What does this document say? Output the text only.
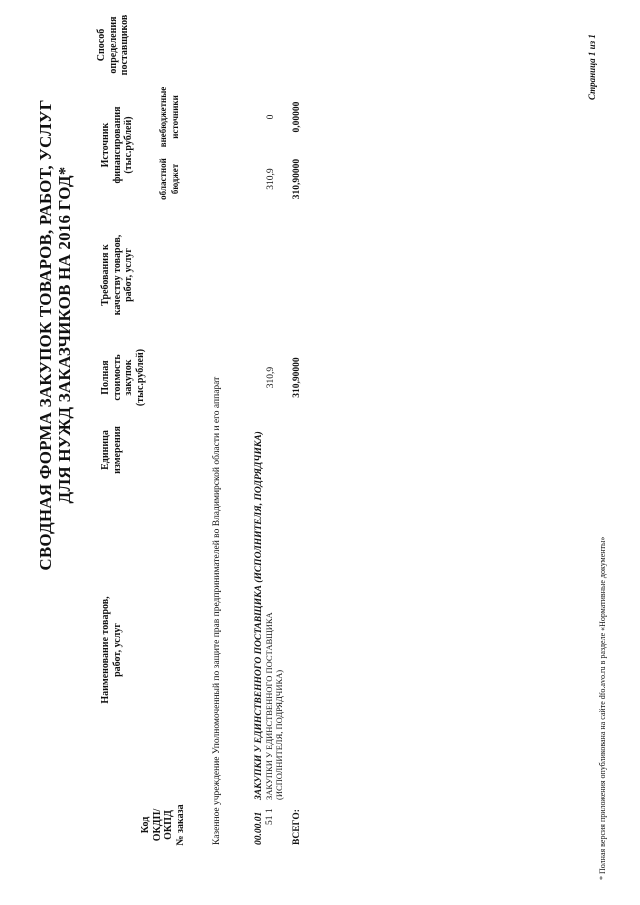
СВОДНАЯ ФОРМА ЗАКУПОК ТОВАРОВ, РАБОТ, УСЛУГ ДЛЯ НУЖД ЗАКАЗЧИКОВ НА 2016 ГОД*
Код ОКДП/ ОКПД № заказа
Наименование товаров, работ, услуг
Единица измерения
Полная стоимость закупок (тыс.рублей)
Требования к качеству товаров, работ, услуг
Источник финансирования (тыс.рублей)
областной бюджет
внебюджетные источники
Способ определения поставщиков
Казенное учреждение Уполномоченный по защите прав предпринимателей во Владимирской области и его аппарат	00.00.01
ЗАКУПКИ У ЕДИНСТВЕННОГО ПОСТАВЩИКА (ИСПОЛНИТЕЛЯ, ПОДРЯДЧИКА)
51 1
ЗАКУПКИ У ЕДИНСТВЕННОГО ПОСТАВЩИКА (ИСПОЛНИТЕЛЯ, ПОДРЯДЧИКА)
310,9
310,9
0
ВСЕГО:
310,90000
310,90000
0,00000
* Полная версия приложения опубликована на сайте dfo.avo.ru в разделе «Нормативные документы»
Страница 1 из 1
